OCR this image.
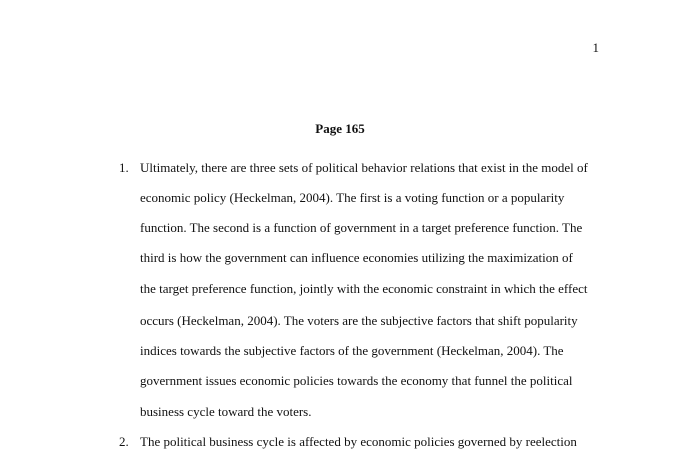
1
Page 165
1. Ultimately, there are three sets of political behavior relations that exist in the model of
economic policy (Heckelman, 2004). The first is a voting function or a popularity
function. The second is a function of government in a target preference function. The
third is how the government can influence economies utilizing the maximization of
the target preference function, jointly with the economic constraint in which the effect
occurs (Heckelman, 2004). The voters are the subjective factors that shift popularity
indices towards the subjective factors of the government (Heckelman, 2004). The
government issues economic policies towards the economy that funnel the political
business cycle toward the voters.
2. The political business cycle is affected by economic policies governed by reelection
